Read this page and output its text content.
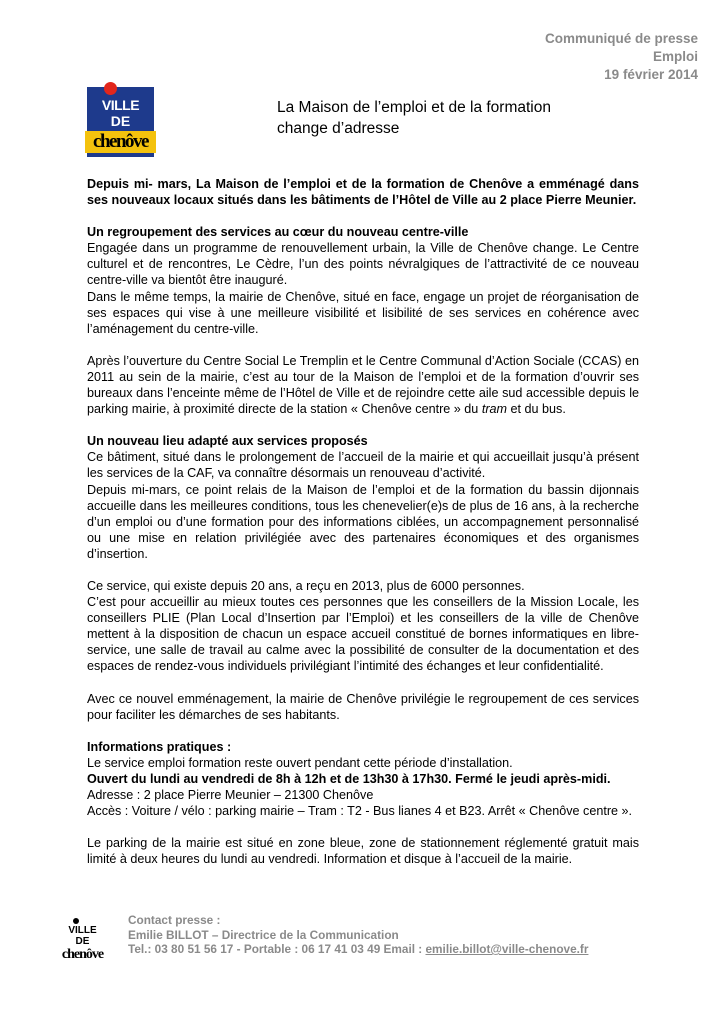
Communiqué de presse
Emploi
19 février 2014
VILLE
DE
chenôve
La Maison de l’emploi et de la formation
change d’adresse

Depuis mi- mars, La Maison de l’emploi et de la formation de Chenôve a emménagé dans ses nouveaux locaux situés dans les bâtiments de l’Hôtel de Ville au 2 place Pierre Meunier.

Un regroupement des services au cœur du nouveau centre-ville

Engagée dans un programme de renouvellement urbain, la Ville de Chenôve change. Le Centre culturel et de rencontres, Le Cèdre, l’un des points névralgiques de l’attractivité de ce nouveau centre-ville va bientôt être inauguré.

Dans le même temps, la mairie de Chenôve, situé en face, engage un projet de réorganisation de ses espaces qui vise à une meilleure visibilité et lisibilité de ses services en cohérence avec l’aménagement du centre-ville.

Après l’ouverture du Centre Social Le Tremplin et le Centre Communal d’Action Sociale (CCAS) en 2011 au sein de la mairie, c’est au tour de la Maison de l’emploi et de la formation d’ouvrir ses bureaux dans l’enceinte même de l’Hôtel de Ville et de rejoindre cette aile sud accessible depuis le parking mairie, à proximité directe de la station « Chenôve centre » du tram et du bus.

Un nouveau lieu adapté aux services proposés

Ce bâtiment, situé dans le prolongement de l’accueil de la mairie et qui accueillait jusqu’à présent les services de la CAF, va connaître désormais un renouveau d’activité.

Depuis mi-mars, ce point relais de la Maison de l’emploi et de la formation du bassin dijonnais accueille dans les meilleures conditions, tous les chenevelier(e)s de plus de 16 ans, à la recherche d’un emploi ou d’une formation pour des informations ciblées, un accompagnement personnalisé ou une mise en relation privilégiée avec des partenaires économiques et des organismes d’insertion.

Ce service, qui existe depuis 20 ans, a reçu en 2013, plus de 6000 personnes.

C’est pour accueillir au mieux toutes ces personnes que les conseillers de la Mission Locale, les conseillers PLIE (Plan Local d’Insertion par l’Emploi) et les conseillers de la ville de Chenôve mettent à la disposition de chacun un espace accueil constitué de bornes informatiques en libre-service, une salle de travail au calme avec la possibilité de consulter de la documentation et des espaces de rendez-vous individuels privilégiant l’intimité des échanges et leur confidentialité.

Avec ce nouvel emménagement, la mairie de Chenôve privilégie le regroupement de ces services pour faciliter les démarches de ses habitants.

Informations pratiques :

Le service emploi formation reste ouvert pendant cette période d’installation.

Ouvert du lundi au vendredi de 8h à 12h et de 13h30 à 17h30. Fermé le jeudi après-midi.

Adresse : 2 place Pierre Meunier – 21300 Chenôve

Accès : Voiture / vélo : parking mairie – Tram : T2 - Bus lianes 4 et B23. Arrêt « Chenôve centre ».

Le parking de la mairie est situé en zone bleue, zone de stationnement réglementé gratuit mais limité à deux heures du lundi au vendredi. Information et disque à l’accueil de la mairie.

VILLE
DE
chenôve
Contact presse :
Emilie BILLOT – Directrice de la Communication
Tel.: 03 80 51 56 17 - Portable : 06 17 41 03 49 Email : emilie.billot@ville-chenove.fr
